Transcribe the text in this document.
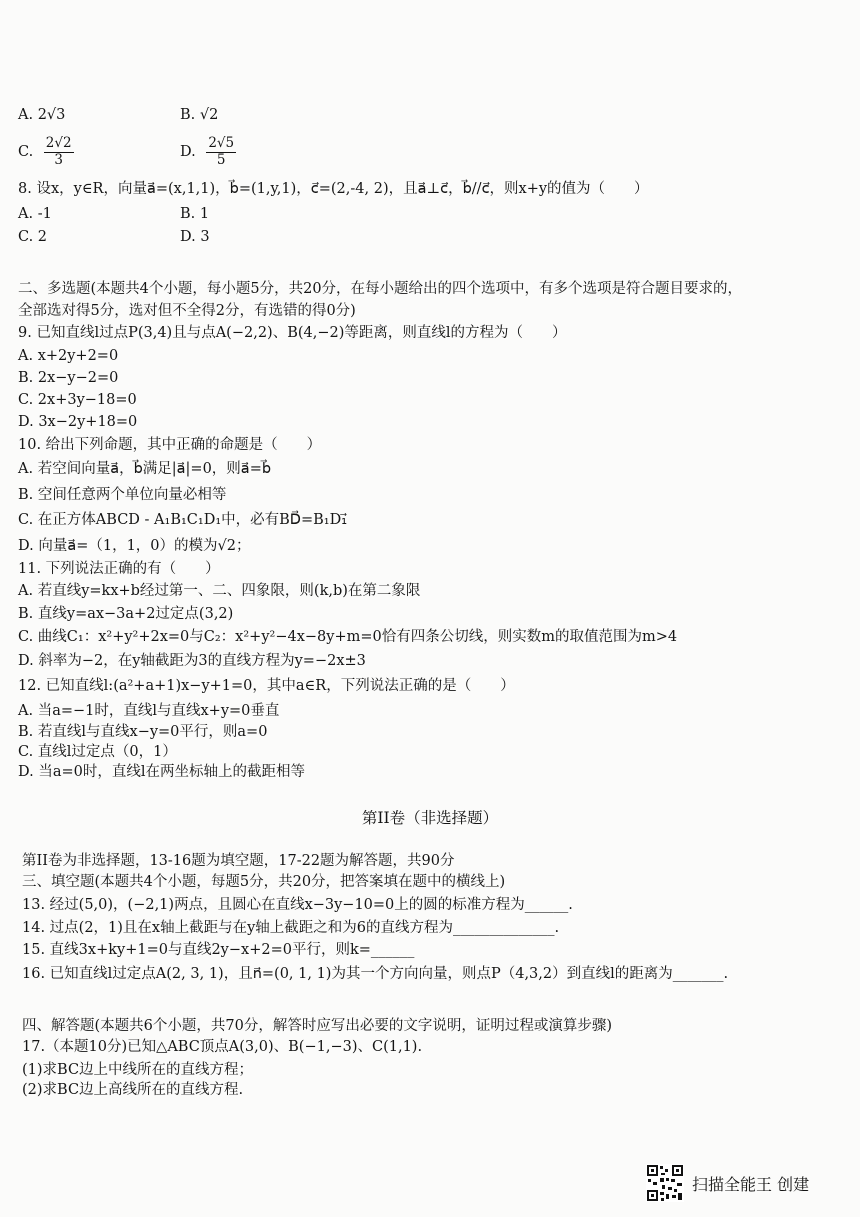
A. 2√3	B. √2
C. $\frac{2√2}{3}$	D. $\frac{2√5}{5}$
8. 设x，y∈R，向量a⃗=(x,1,1)，b⃗=(1,y,1)，c⃗=(2,-4, 2)，且a⃗⊥c⃗，b⃗//c⃗，则x+y的值为（　　）
A. -1	B. 1
C. 2	D. 3
二、多选题(本题共4个小题，每小题5分，共20分，在每小题给出的四个选项中，有多个选项是符合题目要求的，
全部选对得5分，选对但不全得2分，有选错的得0分)
9. 已知直线l过点P(3,4)且与点A(−2,2)、B(4,−2)等距离，则直线l的方程为（　　）
A. x+2y+2=0
B. 2x−y−2=0
C. 2x+3y−18=0
D. 3x−2y+18=0
10. 给出下列命题，其中正确的命题是（　　）
A. 若空间向量a⃗，b⃗满足|a⃗|=0，则a⃗=b⃗
B. 空间任意两个单位向量必相等
C. 在正方体ABCD - A₁B₁C₁D₁中，必有BD⃗=B₁D₁⃗
D. 向量a⃗=（1，1，0）的模为√2；
11. 下列说法正确的有（　　）
A. 若直线y=kx+b经过第一、二、四象限，则(k,b)在第二象限
B. 直线y=ax−3a+2过定点(3,2)
C. 曲线C₁：x²+y²+2x=0与C₂：x²+y²−4x−8y+m=0恰有四条公切线，则实数m的取值范围为m>4
D. 斜率为−2，在y轴截距为3的直线方程为y=−2x±3
12. 已知直线l:(a²+a+1)x−y+1=0，其中a∈R，下列说法正确的是（　　）
A. 当a=−1时，直线l与直线x+y=0垂直
B. 若直线l与直线x−y=0平行，则a=0
C. 直线l过定点（0，1）
D. 当a=0时，直线l在两坐标轴上的截距相等
第II卷（非选择题）
第II卷为非选择题，13-16题为填空题，17-22题为解答题，共90分
三、填空题(本题共4个小题，每题5分，共20分，把答案填在题中的横线上)
13. 经过(5,0)，(−2,1)两点，且圆心在直线x−3y−10=0上的圆的标准方程为______.
14. 过点(2，1)且在x轴上截距与在y轴上截距之和为6的直线方程为______________.
15. 直线3x+ky+1=0与直线2y−x+2=0平行，则k=______
16. 已知直线l过定点A(2, 3, 1)，且n⃗=(0, 1, 1)为其一个方向向量，则点P（4,3,2）到直线l的距离为_______.
四、解答题(本题共6个小题，共70分，解答时应写出必要的文字说明，证明过程或演算步骤)
17.（本题10分)已知△ABC顶点A(3,0)、B(−1,−3)、C(1,1).
(1)求BC边上中线所在的直线方程；
(2)求BC边上高线所在的直线方程.
扫描全能王 创建
